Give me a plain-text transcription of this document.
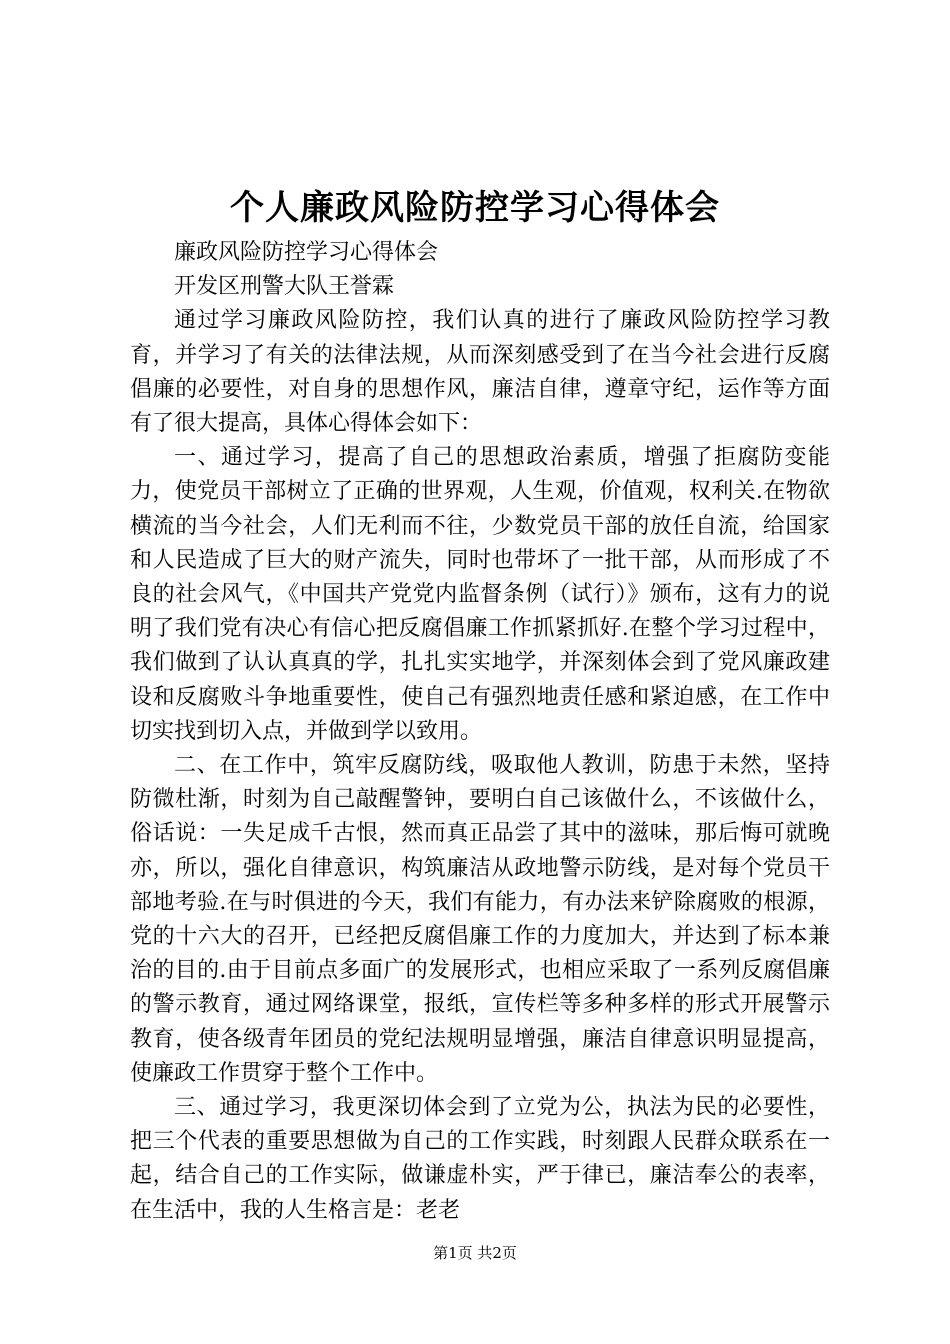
个人廉政风险防控学习心得体会

廉政风险防控学习心得体会

开发区刑警大队王誉霖

通过学习廉政风险防控，我们认真的进行了廉政风险防控学习教育，并学习了有关的法律法规，从而深刻感受到了在当今社会进行反腐倡廉的必要性，对自身的思想作风，廉洁自律，遵章守纪，运作等方面有了很大提高，具体心得体会如下：

一、通过学习，提高了自己的思想政治素质，增强了拒腐防变能力，使党员干部树立了正确的世界观，人生观，价值观，权利关.在物欲横流的当今社会，人们无利而不往，少数党员干部的放任自流，给国家和人民造成了巨大的财产流失，同时也带坏了一批干部，从而形成了不良的社会风气，《中国共产党党内监督条例（试行）》颁布，这有力的说明了我们党有决心有信心把反腐倡廉工作抓紧抓好.在整个学习过程中，我们做到了认认真真的学，扎扎实实地学，并深刻体会到了党风廉政建设和反腐败斗争地重要性，使自己有强烈地责任感和紧迫感，在工作中切实找到切入点，并做到学以致用。

二、在工作中，筑牢反腐防线，吸取他人教训，防患于未然，坚持防微杜渐，时刻为自己敲醒警钟，要明白自己该做什么，不该做什么，俗话说：一失足成千古恨，然而真正品尝了其中的滋味，那后悔可就晚亦，所以，强化自律意识，构筑廉洁从政地警示防线，是对每个党员干部地考验.在与时俱进的今天，我们有能力，有办法来铲除腐败的根源，党的十六大的召开，已经把反腐倡廉工作的力度加大，并达到了标本兼治的目的.由于目前点多面广的发展形式，也相应采取了一系列反腐倡廉的警示教育，通过网络课堂，报纸，宣传栏等多种多样的形式开展警示教育，使各级青年团员的党纪法规明显增强，廉洁自律意识明显提高，使廉政工作贯穿于整个工作中。

三、通过学习，我更深切体会到了立党为公，执法为民的必要性，把三个代表的重要思想做为自己的工作实践，时刻跟人民群众联系在一起，结合自己的工作实际，做谦虚朴实，严于律已，廉洁奉公的表率，在生活中，我的人生格言是：老老

第1页 共2页
